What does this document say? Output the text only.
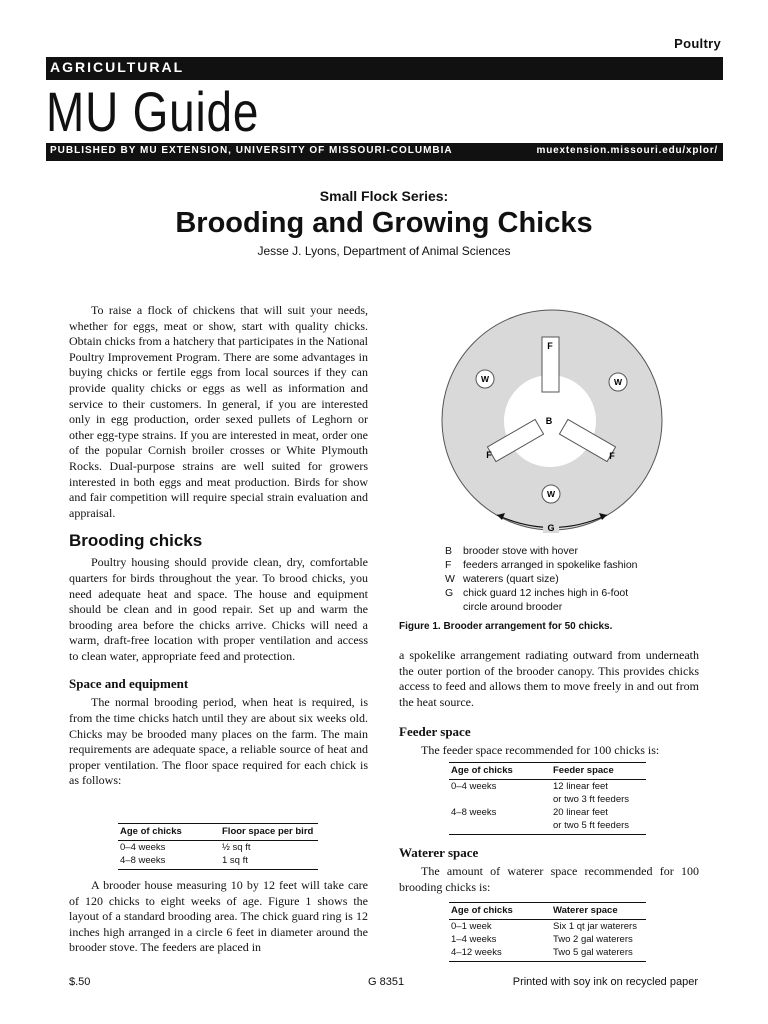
Poultry
AGRICULTURAL
MU Guide
PUBLISHED BY MU EXTENSION, UNIVERSITY OF MISSOURI-COLUMBIA	muextension.missouri.edu/xplor/
Small Flock Series:
Brooding and Growing Chicks
Jesse J. Lyons, Department of Animal Sciences

To raise a flock of chickens that will suit your needs, whether for eggs, meat or show, start with quality chicks. Obtain chicks from a hatchery that participates in the National Poultry Improvement Program. There are some advantages in buying chicks or fertile eggs from local sources if they can provide quality chicks or eggs as well as information and service to their customers. In general, if you are interested only in egg production, order sexed pullets of Leghorn or other egg-type strains. If you are interested in meat, order one of the popular Cornish broiler crosses or White Plymouth Rocks. Dual-purpose strains are well suited for growers interested in both eggs and meat production. Birds for show and fair competition will require special strain evaluation and appraisal.

Brooding chicks

Poultry housing should provide clean, dry, comfortable quarters for birds throughout the year. To brood chicks, you need adequate heat and space. The house and equipment should be clean and in good repair. Set up and warm the brooding area before the chicks arrive. Chicks will need a warm, draft-free location with proper ventilation and access to clean water, appropriate feed and protection.

Space and equipment

The normal brooding period, when heat is required, is from the time chicks hatch until they are about six weeks old. Chicks may be brooded many places on the farm. The main requirements are adequate space, a reliable source of heat and proper ventilation. The floor space required for each chick is as follows:

Age of chicks	Floor space per bird
0–4 weeks	½ sq ft
4–8 weeks	1 sq ft

A brooder house measuring 10 by 12 feet will take care of 120 chicks to eight weeks of age. Figure 1 shows the layout of a standard brooding area. The chick guard ring is 12 inches high arranged in a circle 6 feet in diameter around the brooder stove. The feeders are placed in

F
F	F
B
W	W
W
G
B	brooder stove with hover
F	feeders arranged in spokelike fashion
W waterers (quart size)
G chick guard 12 inches high in 6-foot
circle around brooder
Figure 1. Brooder arrangement for 50 chicks.

a spokelike arrangement radiating outward from underneath the outer portion of the brooder canopy. This provides chicks access to feed and allows them to move freely in and out from the heat source.

Feeder space

The feeder space recommended for 100 chicks is:

Age of chicks	Feeder space
0–4 weeks	12 linear feet
	or two 3 ft feeders
4–8 weeks	20 linear feet
	or two 5 ft feeders
Waterer space

The amount of waterer space recommended for 100 brooding chicks is:

Age of chicks	Waterer space
0–1 week	Six 1 qt jar waterers
1–4 weeks	Two 2 gal waterers
4–12 weeks	Two 5 gal waterers
$.50	G 8351	Printed with soy ink on recycled paper
